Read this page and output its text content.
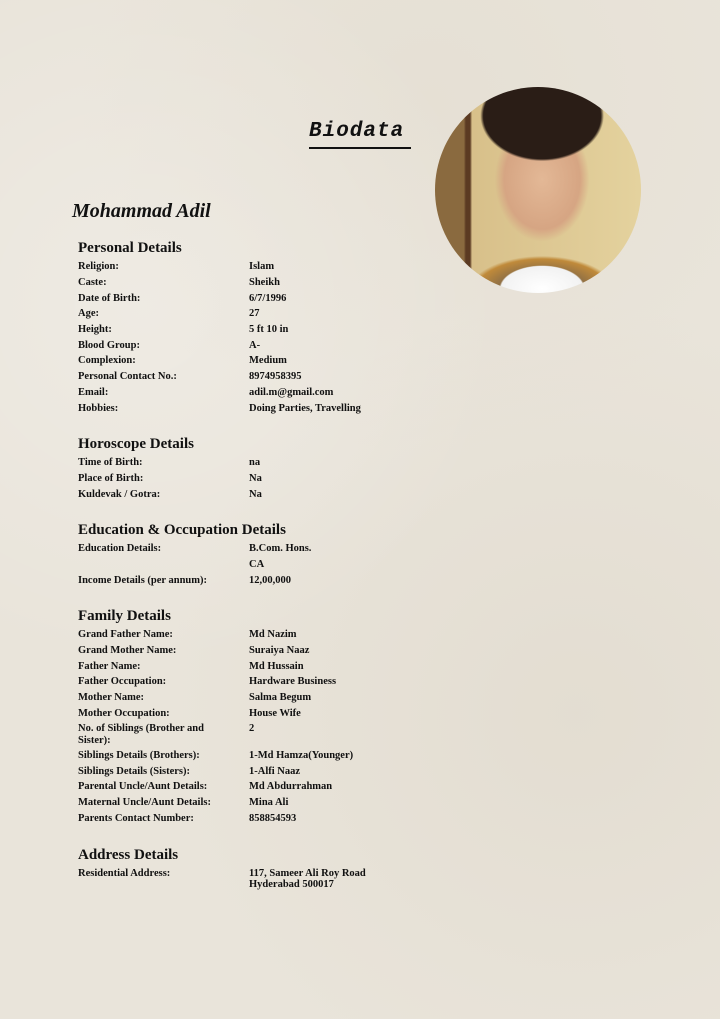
Biodata
Mohammad Adil
Personal Details
Religion:	Islam
Caste:	Sheikh
Date of Birth:	6/7/1996
Age:	27
Height:	5 ft 10 in
Blood Group:	A-
Complexion:	Medium
Personal Contact No.:	8974958395
Email:	adil.m@gmail.com
Hobbies:	Doing Parties, Travelling
Horoscope Details
Time of Birth:	na
Place of Birth:	Na
Kuldevak / Gotra:	Na
Education & Occupation Details
Education Details:	B.Com. Hons.
CA
Income Details (per annum):	12,00,000
Family Details
Grand Father Name:	Md Nazim
Grand Mother Name:	Suraiya Naaz
Father Name:	Md Hussain
Father Occupation:	Hardware Business
Mother Name:	Salma Begum
Mother Occupation:	House Wife
No. of Siblings (Brother and Sister):
2
Siblings Details (Brothers):	1-Md Hamza(Younger)
Siblings Details (Sisters):	1-Alfi Naaz
Parental Uncle/Aunt Details:	Md Abdurrahman
Maternal Uncle/Aunt Details:	Mina Ali
Parents Contact Number:	858854593
Address Details
Residential Address:	117, Sameer Ali Roy Road
Hyderabad 500017
